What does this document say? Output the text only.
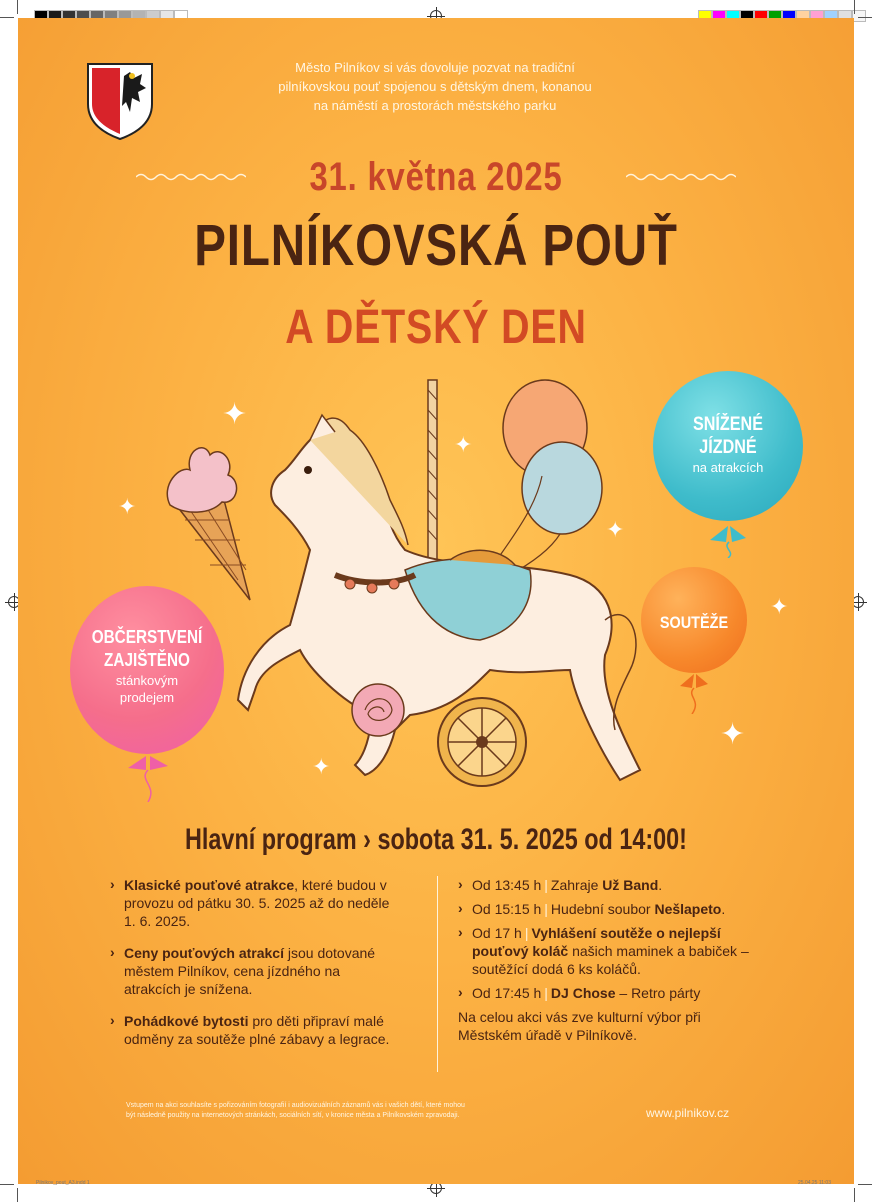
Město Pilníkov si vás dovoluje pozvat na tradiční
pilníkovskou pouť spojenou s dětským dnem, konanou
na náměstí a prostorách městského parku
31. května 2025
PILNÍKOVSKÁ POUŤ
A DĚTSKÝ DEN
✦
✦
✦
✦
✦
✦
✦
SNÍŽENÉ
JÍZDNÉ
na atrakcích
SOUTĚŽE
OBČERSTVENÍ
ZAJIŠTĚNO
stánkovým
prodejem
Hlavní program › sobota 31. 5. 2025 od 14:00!
› Klasické pouťové atrakce, které budou v provozu od pátku 30. 5. 2025 až do neděle 1. 6. 2025.
› Ceny pouťových atrakcí jsou dotované městem Pilníkov, cena jízdného na atrakcích je snížena.
› Pohádkové bytosti pro děti připraví malé odměny za soutěže plné zábavy a legrace.
› Od 13:45 h | Zahraje Už Band.
› Od 15:15 h | Hudební soubor Nešlapeto.
› Od 17 h | Vyhlášení soutěže o nejlepší pouťový koláč našich maminek a babiček – soutěžící dodá 6 ks koláčů.
› Od 17:45 h | DJ Chose – Retro párty
Na celou akci vás zve kulturní výbor při Městském úřadě v Pilníkově.
Vstupem na akci souhlasíte s pořizováním fotografií i audiovizuálních záznamů vás i vašich dětí, které mohou být následně použity na internetových stránkách, sociálních sítí, v kronice města a Pilníkovském zpravodaji.	www.pilnikov.cz
Pilnikov_pout_A3.indd 1	25.04.25 11:03
